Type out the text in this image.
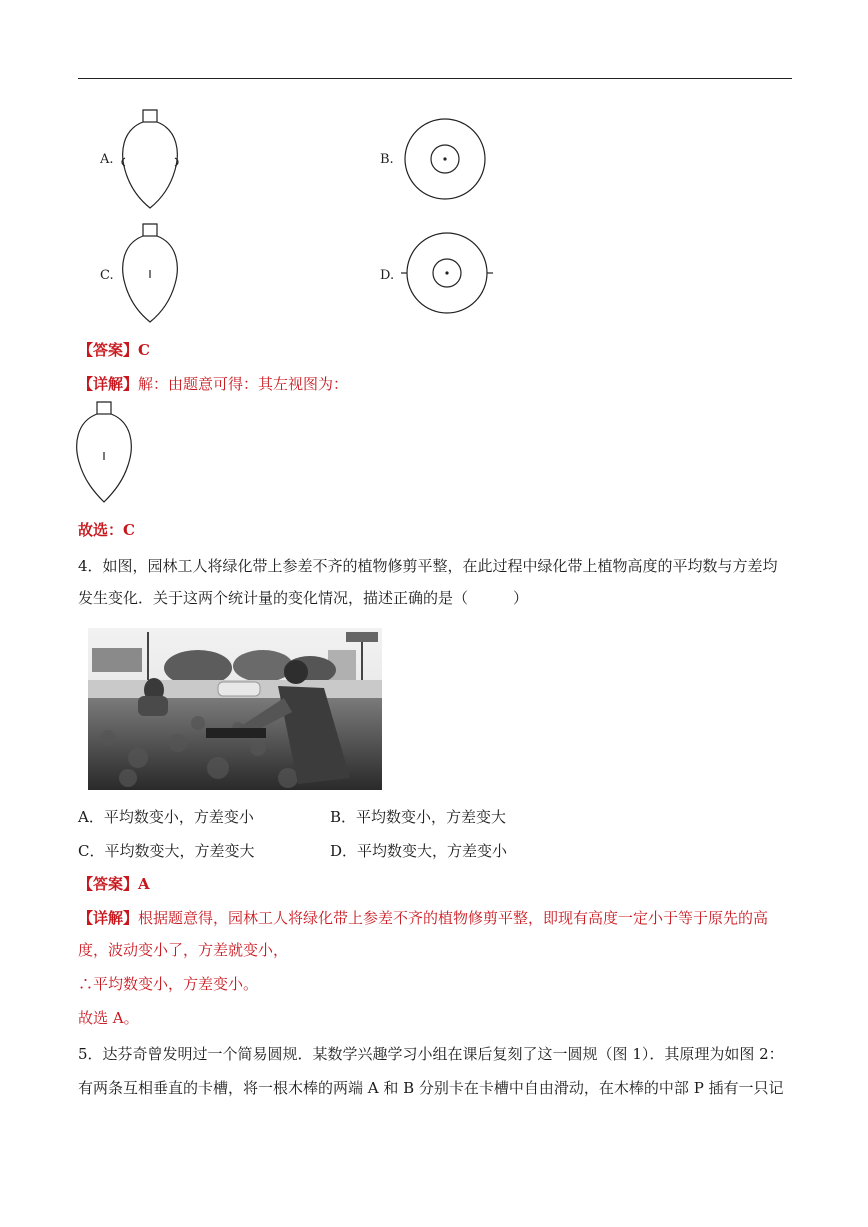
A.	B.
C.	D.
【答案】C
【详解】解：由题意可得：其左视图为：
故选：C
4．如图，园林工人将绿化带上参差不齐的植物修剪平整，在此过程中绿化带上植物高度的平均数与方差均
发生变化．关于这两个统计量的变化情况，描述正确的是（　　　）
A．平均数变小，方差变小	B．平均数变小，方差变大
C．平均数变大，方差变大	D．平均数变大，方差变小
【答案】A
【详解】根据题意得，园林工人将绿化带上参差不齐的植物修剪平整，即现有高度一定小于等于原先的高
度，波动变小了，方差就变小，
∴平均数变小，方差变小。
故选 A。
5．达芬奇曾发明过一个简易圆规．某数学兴趣学习小组在课后复刻了这一圆规（图 1）．其原理为如图 2：
有两条互相垂直的卡槽，将一根木棒的两端 A 和 B 分别卡在卡槽中自由滑动，在木棒的中部 P 插有一只记
